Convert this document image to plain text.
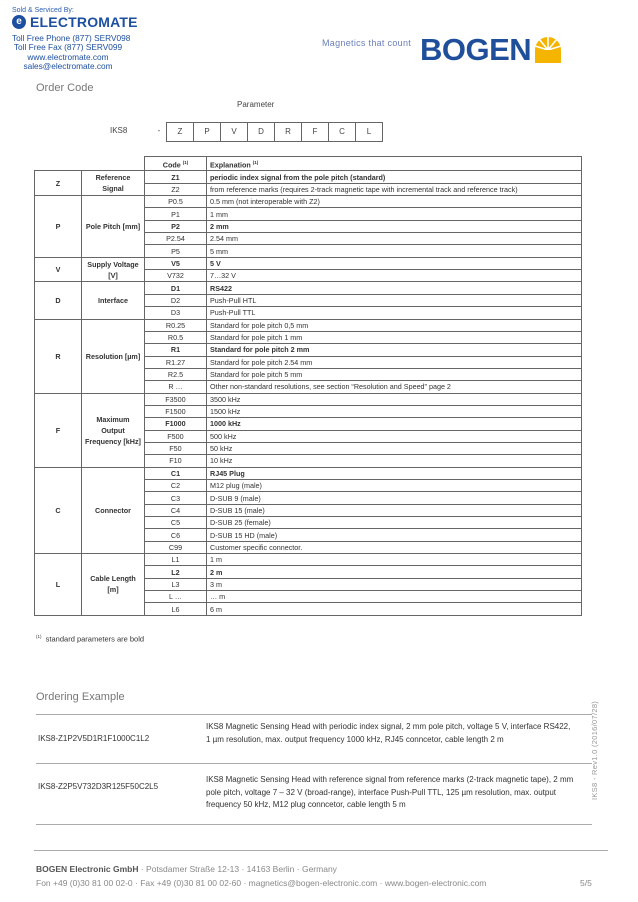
Sold & Serviced By:
e ELECTROMATE
Toll Free Phone (877) SERV098
Toll Free Fax (877) SERV099
www.electromate.com
sales@electromate.com
Magnetics that count BOGEN
Order Code
Parameter
IKS8	-	Z	P	V	D	R	F	C	L
		Code $^{(1)}$	Explanation $^{(1)}$
Z	Reference Signal	Z1	periodic index signal from the pole pitch (standard)
		Z2	from reference marks (requires 2-track magnetic tape with incremental track and reference track)
P	Pole Pitch [mm]	P0.5	0.5 mm (not interoperable with Z2)
		P1	1 mm
		P2	2 mm
		P2.54	2.54 mm
		P5	5 mm
V	Supply Voltage [V]	V5	5 V
		V732	7…32 V
D	Interface	D1	RS422
		D2	Push-Pull HTL
		D3	Push-Pull TTL
R	Resolution [µm]	R0.25	Standard for pole pitch 0,5 mm
		R0.5	Standard for pole pitch 1 mm
		R1	Standard for pole pitch 2 mm
		R1.27	Standard for pole pitch 2.54 mm
		R2.5	Standard for pole pitch 5 mm
		R …	Other non-standard resolutions, see section “Resolution and Speed” page 2
F	Maximum Output Frequency [kHz]	F3500	3500 kHz
		F1500	1500 kHz
		F1000	1000 kHz
		F500	500 kHz
		F50	50 kHz
		F10	10 kHz
C	Connector	C1	RJ45 Plug
		C2	M12 plug (male)
		C3	D-SUB 9 (male)
		C4	D-SUB 15 (male)
		C5	D-SUB 25 (female)
		C6	D-SUB 15 HD (male)
		C99	Customer specific connector.
L	Cable Length [m]	L1	1 m
		L2	2 m
		L3	3 m
		L …	… m
		L6	6 m
$^{(1)}$ standard parameters are bold
Ordering Example
IKS8-Z1P2V5D1R1F1000C1L2
IKS8 Magnetic Sensing Head with periodic index signal, 2 mm pole pitch, voltage 5 V, interface RS422, 1 µm resolution, max. output frequency 1000 kHz, RJ45 conncetor, cable length 2 m
IKS8-Z2P5V732D3R125F50C2L5
IKS8 Magnetic Sensing Head with reference signal from reference marks (2-track magnetic tape), 2 mm pole pitch, voltage 7 – 32 V (broad-range), interface Push-Pull TTL, 125 µm resolution, max. output frequency 50 kHz, M12 plug conncetor, cable length 5 m
IKS8 - Rev1.0 (2016/07/28)
BOGEN Electronic GmbH · Potsdamer Straße 12-13 · 14163 Berlin · Germany
Fon +49 (0)30 81 00 02-0 · Fax +49 (0)30 81 00 02-60 · magnetics@bogen-electronic.com · www.bogen-electronic.com	5/5
